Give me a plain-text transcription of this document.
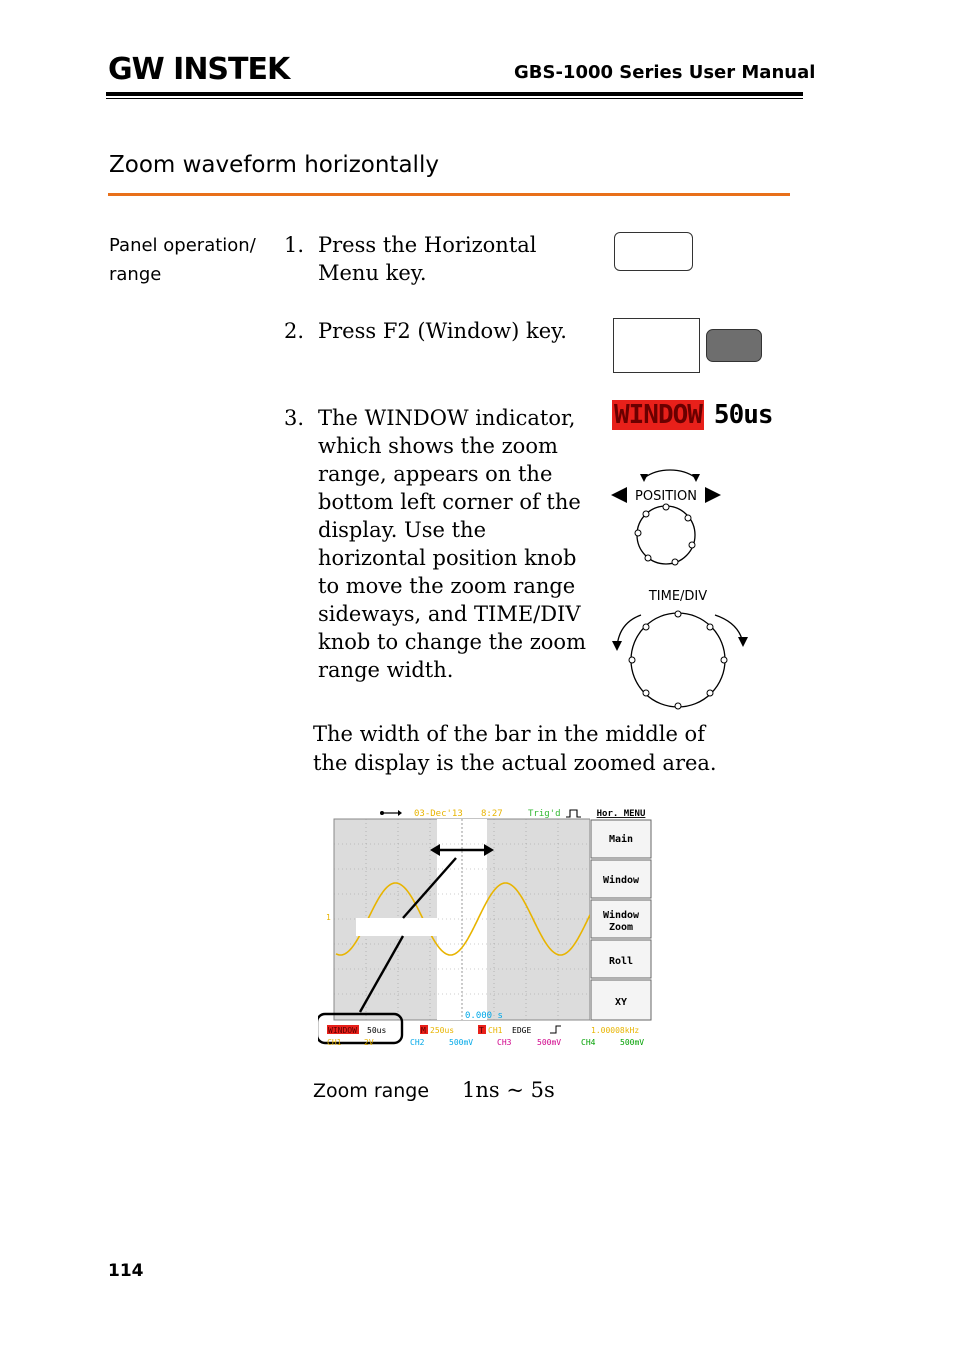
GW INSTEK	GBS-1000 Series User Manual
Zoom waveform horizontally
Panel operation/ range
1. Press the Horizontal Menu key.
2. Press F2 (Window) key.
3. The WINDOW indicator, which shows the zoom range, appears on the bottom left corner of the display. Use the horizontal position knob to move the zoom range sideways, and TIME/DIV knob to change the zoom range width.
WINDOW 50us
POSITION
TIME/DIV
The width of the bar in the middle of the display is the actual zoomed area.
03-Dec'13 8:27	Trig'd
1
0.000 s
Hor. MENU
Main
Window
Window Zoom
Roll
XY
WINDOW 50us	M 250us	T CH1 EDGE	1.00008kHz
CH1	2V	CH2	500mV	CH3	500mV CH4	500mV
Zoom range 1ns ~ 5s
114
